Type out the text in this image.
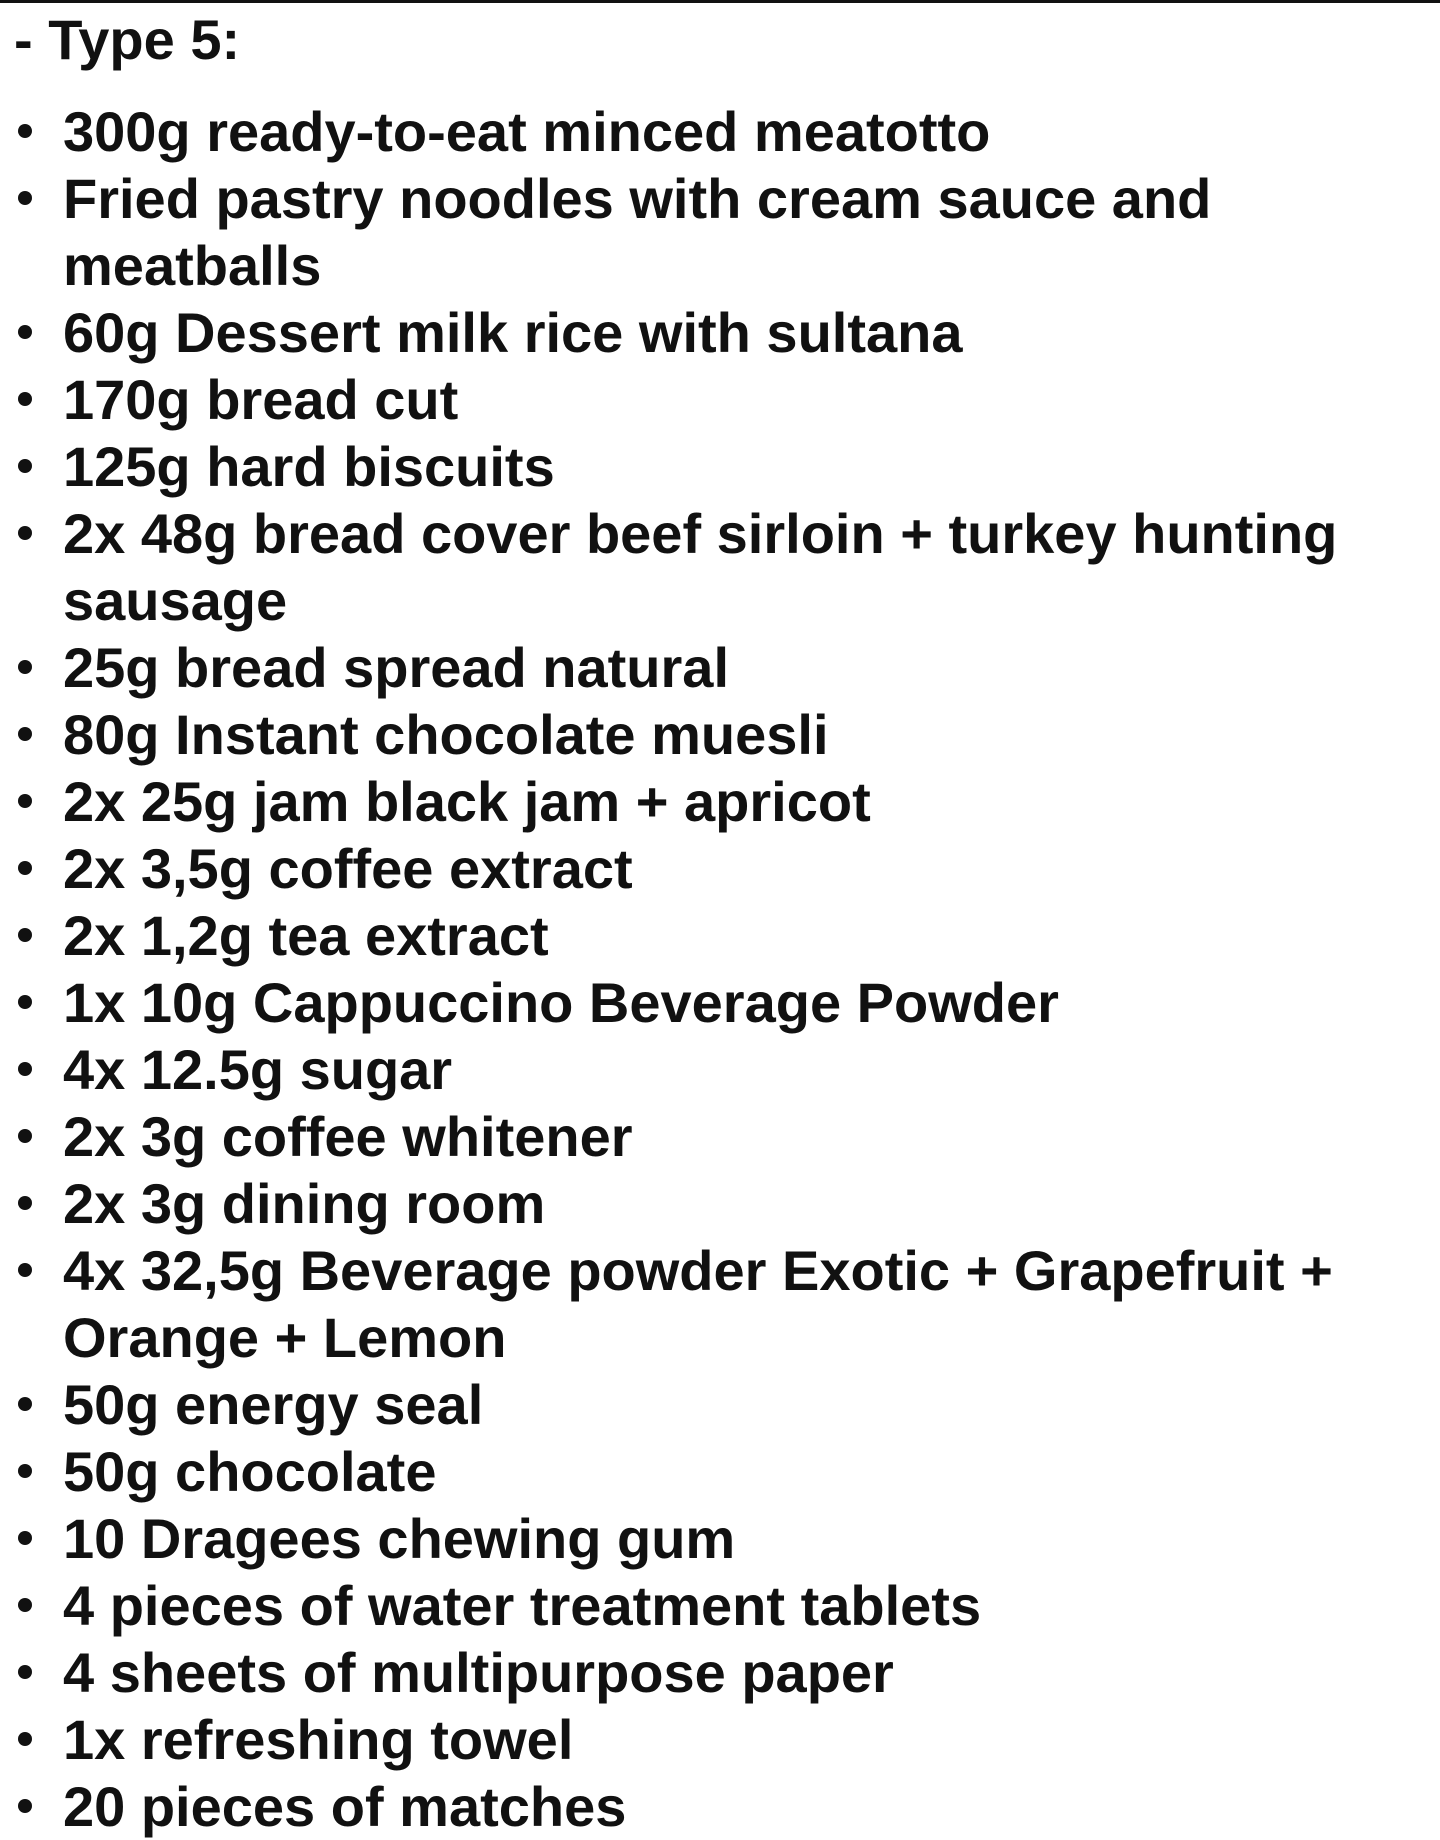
- Type 5:
300g ready-to-eat minced meatotto
Fried pastry noodles with cream sauce and meatballs
60g Dessert milk rice with sultana
170g bread cut
125g hard biscuits
2x 48g bread cover beef sirloin + turkey hunting sausage
25g bread spread natural
80g Instant chocolate muesli
2x 25g jam black jam + apricot
2x 3,5g coffee extract
2x 1,2g tea extract
1x 10g Cappuccino Beverage Powder
4x 12.5g sugar
2x 3g coffee whitener
2x 3g dining room
4x 32,5g Beverage powder Exotic + Grapefruit + Orange + Lemon
50g energy seal
50g chocolate
10 Dragees chewing gum
4 pieces of water treatment tablets
4 sheets of multipurpose paper
1x refreshing towel
20 pieces of matches
